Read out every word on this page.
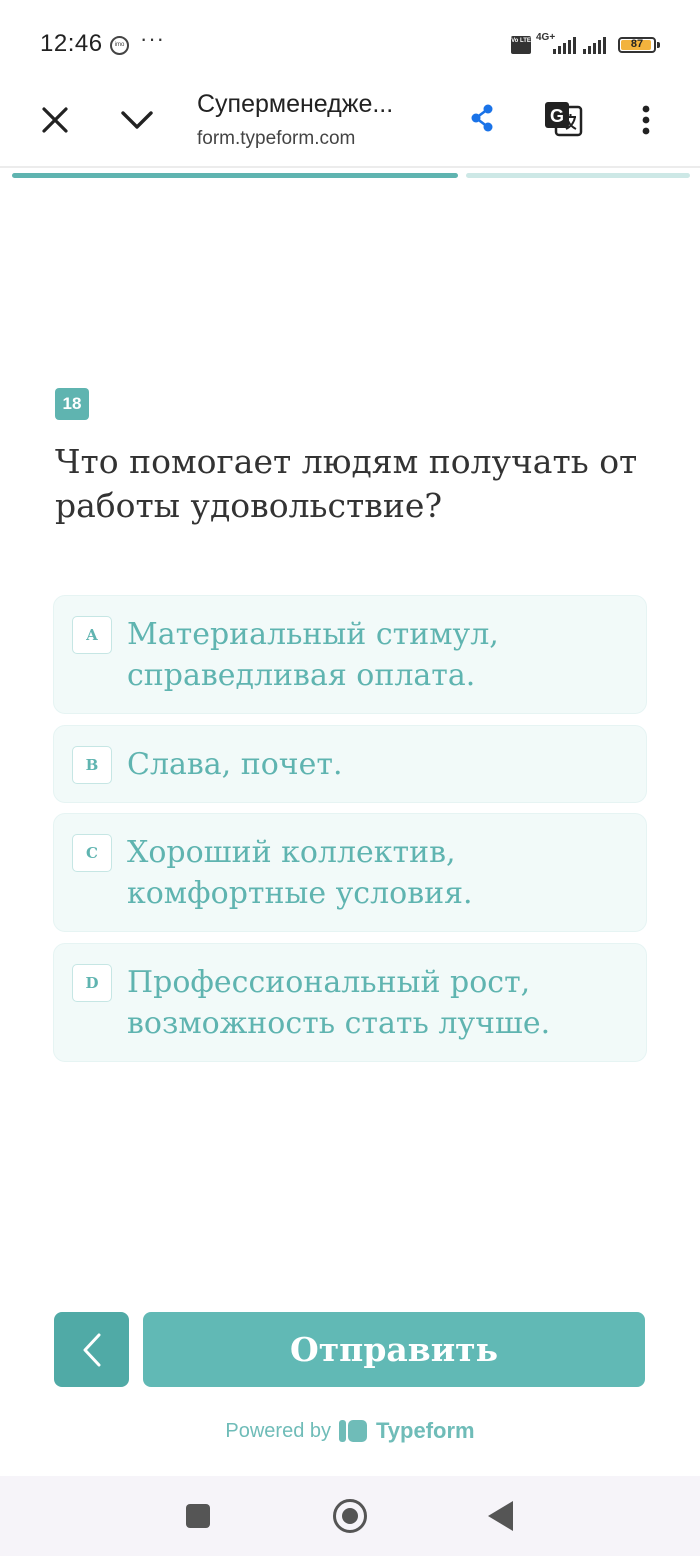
12:46	imo ···	Vo LTE 4G+
87
Суперменедже...
form.typeform.com
G
18
Что помогает людям получать от работы удовольствие?
A Материальный стимул, справедливая оплата.
B Слава, почет.
C Хороший коллектив, комфортные условия.
D Профессиональный рост, возможность стать лучше.
Отправить
Powered by Typeform
